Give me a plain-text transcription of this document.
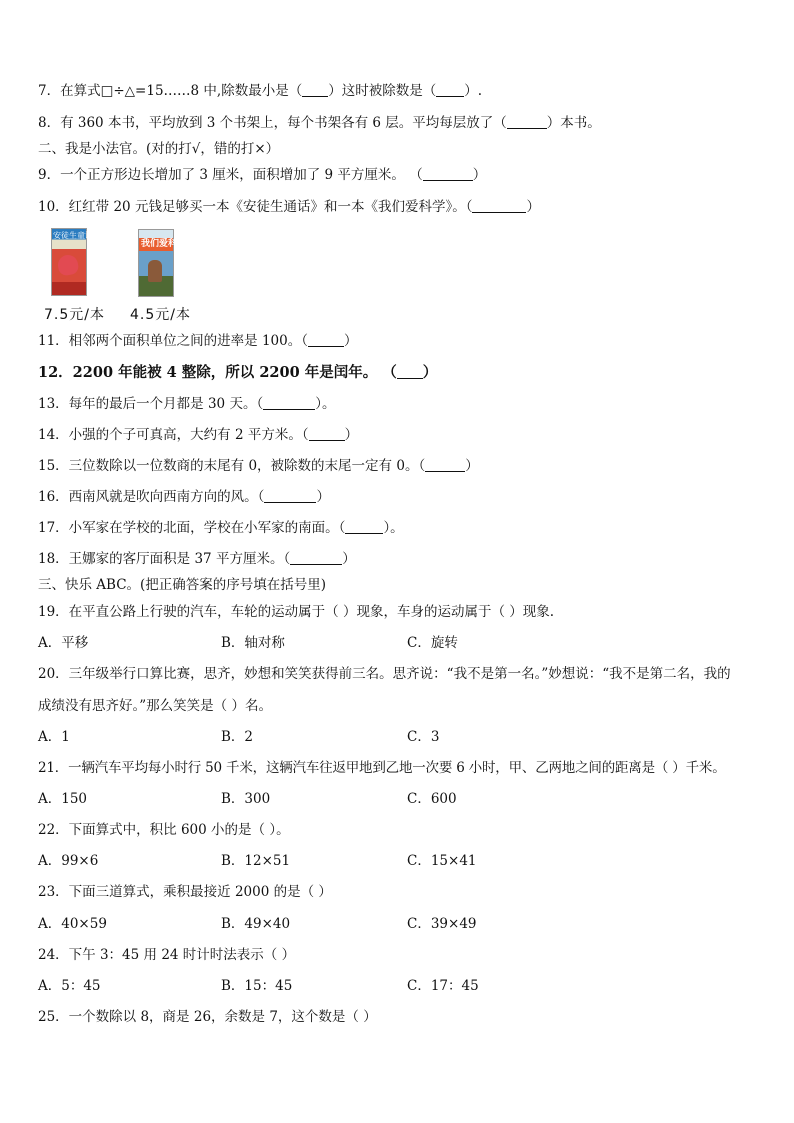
7．在算式□÷△=15……8 中,除数最小是（ ）这时被除数是（ ）.
8．有 360 本书，平均放到 3 个书架上，每个书架各有 6 层。平均每层放了（	）本书。
二、我是小法官。(对的打√，错的打×）
9．一个正方形边长增加了 3 厘米，面积增加了 9 平方厘米。 （	）
10．红红带 20 元钱足够买一本《安徒生通话》和一本《我们爱科学》。（	）
安徒生童话
我们爱科学
7.5元/本 4.5元/本
11．相邻两个面积单位之间的进率是 100。（	）
12．2200 年能被 4 整除，所以 2200 年是闰年。 （ ）
13．每年的最后一个月都是 30 天。（	）。
14．小强的个子可真高，大约有 2 平方米。（	）
15．三位数除以一位数商的末尾有 0，被除数的末尾一定有 0。（	）
16．西南风就是吹向西南方向的风。（	）
17．小军家在学校的北面，学校在小军家的南面。（	）。
18．王娜家的客厅面积是 37 平方厘米。（	）
三、快乐 ABC。(把正确答案的序号填在括号里)
19．在平直公路上行驶的汽车，车轮的运动属于（ ）现象，车身的运动属于（ ）现象.
A．平移	B．轴对称	C．旋转
20．三年级举行口算比赛，思齐，妙想和笑笑获得前三名。思齐说：“我不是第一名。”妙想说：“我不是第二名，我的
成绩没有思齐好。”那么笑笑是（ ）名。
A．1	B．2	C．3
21．一辆汽车平均每小时行 50 千米，这辆汽车往返甲地到乙地一次要 6 小时，甲、乙两地之间的距离是（ ）千米。
A．150	B．300	C．600
22．下面算式中，积比 600 小的是（ ）。
A．99×6	B．12×51	C．15×41
23．下面三道算式，乘积最接近 2000 的是（ ）
A．40×59	B．49×40	C．39×49
24．下午 3：45 用 24 时计时法表示（ ）
A．5：45	B．15：45	C．17：45
25．一个数除以 8，商是 26，余数是 7，这个数是（ ）
